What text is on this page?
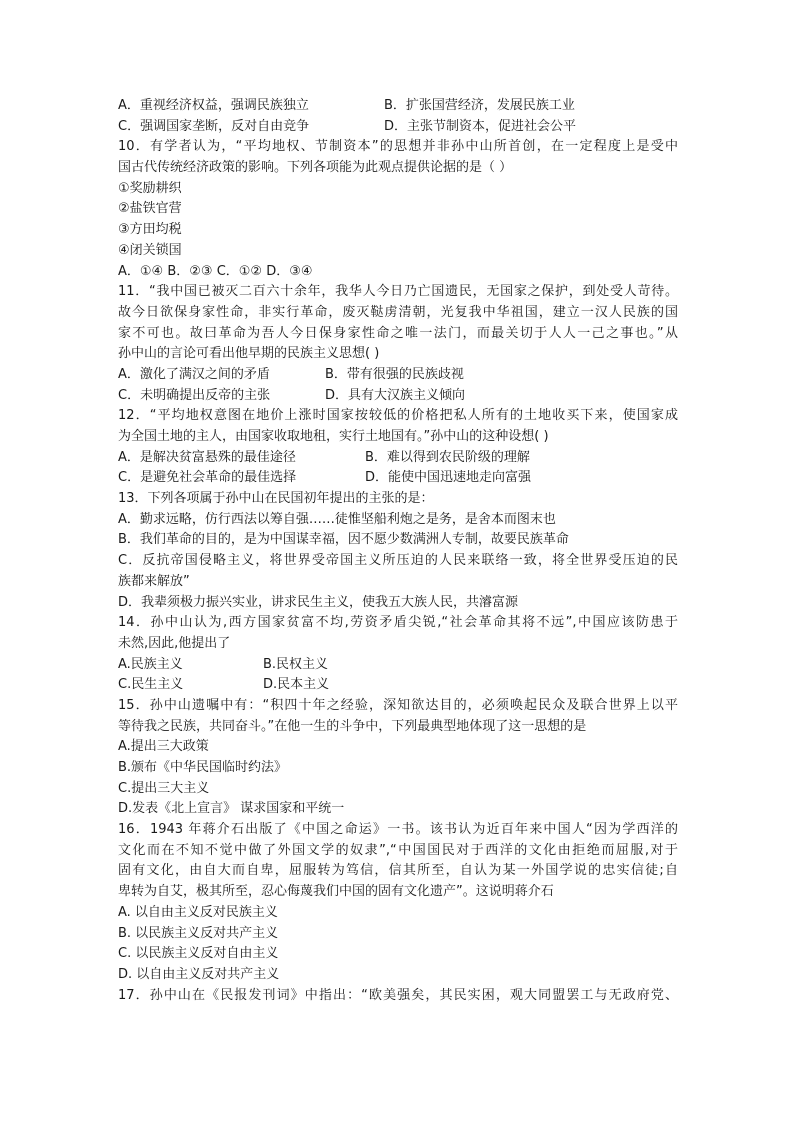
A．重视经济权益，强调民族独立	B．扩张国营经济，发展民族工业
C．强调国家垄断，反对自由竞争	D．主张节制资本，促进社会公平
10．有学者认为，“平均地权、节制资本”的思想并非孙中山所首创，在一定程度上是受中
国古代传统经济政策的影响。下列各项能为此观点提供论据的是（ ）
①奖励耕织
②盐铁官营
③方田均税
④闭关锁国
A．①④ B．②③ C．①② D．③④
11．“我中国已被灭二百六十余年，我华人今日乃亡国遗民，无国家之保护，到处受人苛待。
故今日欲保身家性命，非实行革命，废灭鞑虏清朝，光复我中华祖国，建立一汉人民族的国
家不可也。故曰革命为吾人今日保身家性命之唯一法门，而最关切于人人一己之事也。”从
孙中山的言论可看出他早期的民族主义思想( )
A．激化了满汉之间的矛盾	B．带有很强的民族歧视
C．未明确提出反帝的主张	D．具有大汉族主义倾向
12．“平均地权意图在地价上涨时国家按较低的价格把私人所有的土地收买下来，使国家成
为全国土地的主人，由国家收取地租，实行土地国有。”孙中山的这种设想( )
A．是解决贫富悬殊的最佳途径	B．难以得到农民阶级的理解
C．是避免社会革命的最佳选择	D．能使中国迅速地走向富强
13．下列各项属于孙中山在民国初年提出的主张的是：
A．勤求远略，仿行西法以筹自强……徒惟坚船利炮之是务，是舍本而图末也
B．我们革命的目的，是为中国谋幸福，因不愿少数满洲人专制，故要民族革命
C．反抗帝国侵略主义，将世界受帝国主义所压迫的人民来联络一致，将全世界受压迫的民
族都来解放”
D．我辈须极力振兴实业，讲求民生主义，使我五大族人民，共濬富源
14．孙中山认为,西方国家贫富不均,劳资矛盾尖锐,“社会革命其将不远”,中国应该防患于
未然,因此,他提出了
A.民族主义	B.民权主义
C.民生主义	D.民本主义
15．孙中山遗嘱中有：“积四十年之经验，深知欲达目的，必须唤起民众及联合世界上以平
等待我之民族，共同奋斗。”在他一生的斗争中，下列最典型地体现了这一思想的是
A.提出三大政策
B.颁布《中华民国临时约法》
C.提出三大主义
D.发表《北上宣言》 谋求国家和平统一
16．1943 年蒋介石出版了《中国之命运》一书。该书认为近百年来中国人“因为学西洋的
文化而在不知不觉中做了外国文学的奴隶”,“中国国民对于西洋的文化由拒绝而屈服,对于
固有文化，由自大而自卑，屈服转为笃信，信其所至，自认为某一外国学说的忠实信徒;自
卑转为自艾，极其所至，忍心侮蔑我们中国的固有文化遗产”。这说明蒋介石
A. 以自由主义反对民族主义
B. 以民族主义反对共产主义
C. 以民族主义反对自由主义
D. 以自由主义反对共产主义
17．孙中山在《民报发刊词》中指出：“欧美强矣，其民实困，观大同盟罢工与无政府党、
